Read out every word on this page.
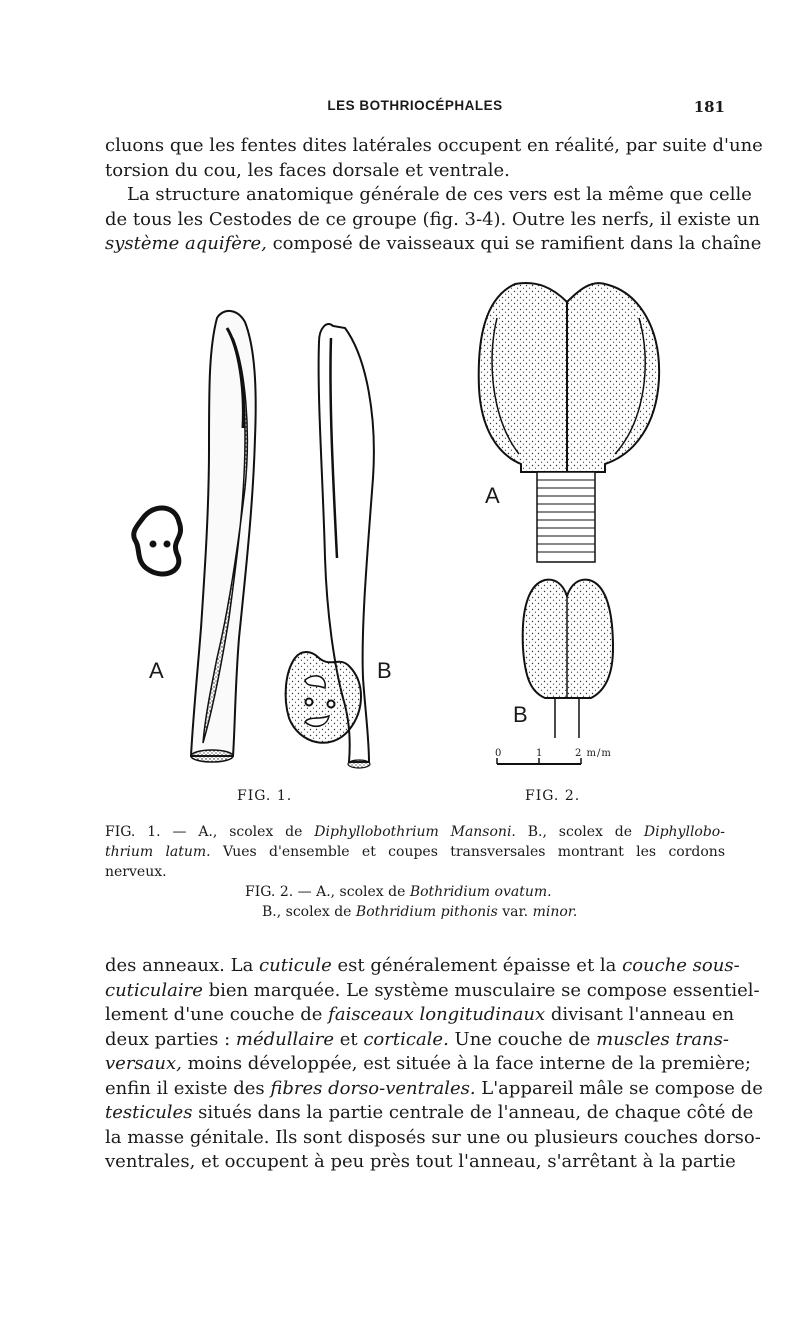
LES BOTHRIOCÉPHALES	181

cluons que les fentes dites latérales occupent en réalité, par suite d'une
torsion du cou, les faces dorsale et ventrale.

La structure anatomique générale de ces vers est la même que celle
de tous les Cestodes de ce groupe (fig. 3-4). Outre les nerfs, il existe un
système aquifère, composé de vaisseaux qui se ramifient dans la chaîne

A	B
A
B
0	1	2 m/m
FIG. 1.	FIG. 2.

FIG. 1. — A., scolex de Diphyllobothrium Mansoni. B., scolex de Diphyllobo-
thrium latum. Vues d'ensemble et coupes transversales montrant les cordons
nerveux.

FIG. 2. — A., scolex de Bothridium ovatum.
B., scolex de Bothridium pithonis var. minor.

des anneaux. La cuticule est généralement épaisse et la couche sous-
cuticulaire bien marquée. Le système musculaire se compose essentiel-
lement d'une couche de faisceaux longitudinaux divisant l'anneau en
deux parties : médullaire et corticale. Une couche de muscles trans-
versaux, moins développée, est située à la face interne de la première;
enfin il existe des fibres dorso-ventrales. L'appareil mâle se compose de
testicules situés dans la partie centrale de l'anneau, de chaque côté de
la masse génitale. Ils sont disposés sur une ou plusieurs couches dorso-
ventrales, et occupent à peu près tout l'anneau, s'arrêtant à la partie
